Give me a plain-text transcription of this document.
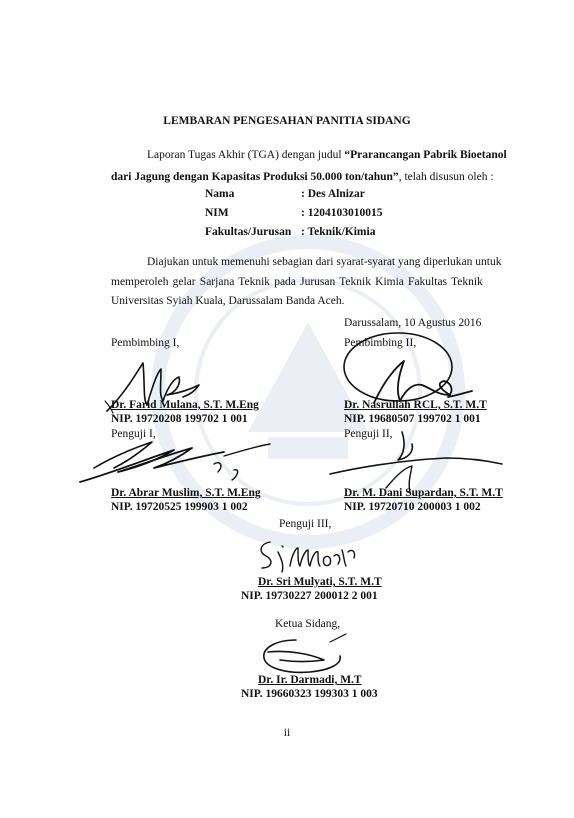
LEMBARAN PENGESAHAN PANITIA SIDANG
Laporan Tugas Akhir (TGA) dengan judul “Prarancangan Pabrik Bioetanol
dari Jagung dengan Kapasitas Produksi 50.000 ton/tahun”, telah disusun oleh :
Nama	: Des Alnizar
NIM	: 1204103010015
Fakultas/Jurusan : Teknik/Kimia
Diajukan untuk memenuhi sebagian dari syarat-syarat yang diperlukan untuk
memperoleh gelar Sarjana Teknik pada Jurusan Teknik Kimia Fakultas Teknik
Universitas Syiah Kuala, Darussalam Banda Aceh.
Darussalam, 10 Agustus 2016
Pembimbing I,
Dr. Farid Mulana, S.T. M.Eng
NIP. 19720208 199702 1 001
Pembimbing II,
Dr. Nasrullah RCL, S.T. M.T
NIP. 19680507 199702 1 001
Penguji I,
Dr. Abrar Muslim, S.T. M.Eng
NIP. 19720525 199903 1 002
Penguji II,
Dr. M. Dani Supardan, S.T. M.T
NIP. 19720710 200003 1 002
Penguji III,
Dr. Sri Mulyati, S.T. M.T
NIP. 19730227 200012 2 001
Ketua Sidang,
Dr. Ir. Darmadi, M.T
NIP. 19660323 199303 1 003
ii
